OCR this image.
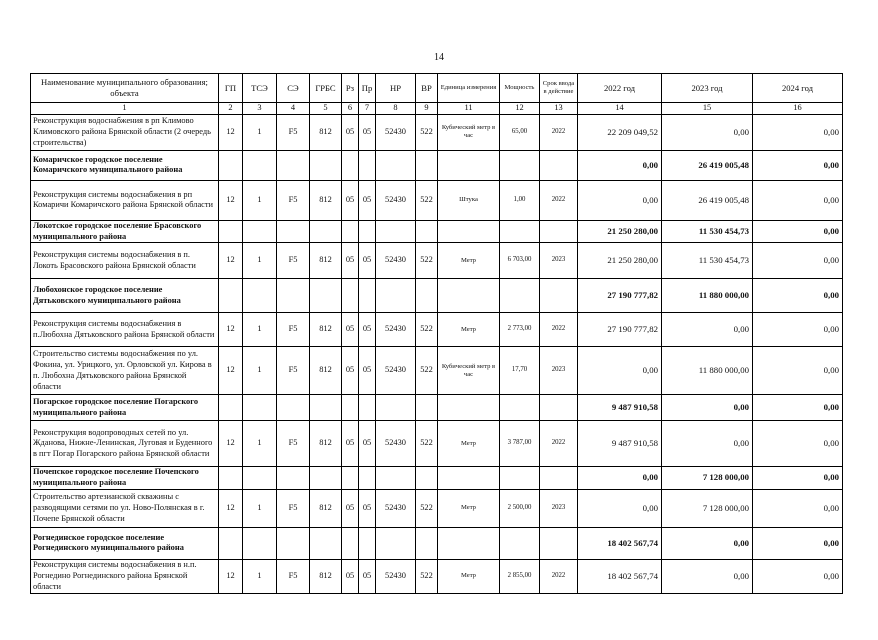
14
Наименование муниципального образования; объекта	ГП	ТСЭ	СЭ	ГРБС	Рз	Пр	НР	ВР	Единица измерения	Мощность	Срок ввода в действие	2022 год	2023 год	2024 год
1	2	3	4	5	6	7	8	9	11	12	13	14	15	16
Реконструкция водоснабжения в рп Климово Климовского района Брянской области (2 очередь строительства)	12	1	F5	812	05	05	52430	522	Кубический метр в час	65,00	2022	22 209 049,52	0,00	0,00
Комаричское городское поселение Комаричского муниципального района												0,00	26 419 005,48	0,00
Реконструкция системы водоснабжения в рп Комаричи Комаричского района Брянской области	12	1	F5	812	05	05	52430	522	Штука	1,00	2022	0,00	26 419 005,48	0,00
Локотское городское поселение Брасовского муниципального района												21 250 280,00	11 530 454,73	0,00
Реконструкция системы водоснабжения в п. Локоть Брасовского района Брянской области	12	1	F5	812	05	05	52430	522	Метр	6 703,00	2023	21 250 280,00	11 530 454,73	0,00
Любохонское городское поселение Дятьковского муниципального района												27 190 777,82	11 880 000,00	0,00
Реконструкция системы водоснабжения в п.Любохна Дятьковского района Брянской области	12	1	F5	812	05	05	52430	522	Метр	2 773,00	2022	27 190 777,82	0,00	0,00
Строительство системы водоснабжения по ул. Фокина, ул. Урицкого, ул. Орловской ул. Кирова в п. Любохна Дятьковского района Брянской области	12	1	F5	812	05	05	52430	522	Кубический метр в час	17,70	2023	0,00	11 880 000,00	0,00
Погарское городское поселение Погарского муниципального района												9 487 910,58	0,00	0,00
Реконструкция водопроводных сетей по ул. Жданова, Нижне-Ленинская, Луговая и Буденного в пгт Погар Погарского района Брянской области	12	1	F5	812	05	05	52430	522	Метр	3 787,00	2022	9 487 910,58	0,00	0,00
Почепское городское поселение Почепского муниципального района												0,00	7 128 000,00	0,00
Строительство артезианской скважины с разводящими сетями по ул. Ново-Полянская в г. Почепе Брянской области	12	1	F5	812	05	05	52430	522	Метр	2 500,00	2023	0,00	7 128 000,00	0,00
Рогнединское городское поселение Рогнединского муниципального района												18 402 567,74	0,00	0,00
Реконструкция системы водоснабжения в н.п. Рогнедино Рогнединского района Брянской области	12	1	F5	812	05	05	52430	522	Метр	2 855,00	2022	18 402 567,74	0,00	0,00
